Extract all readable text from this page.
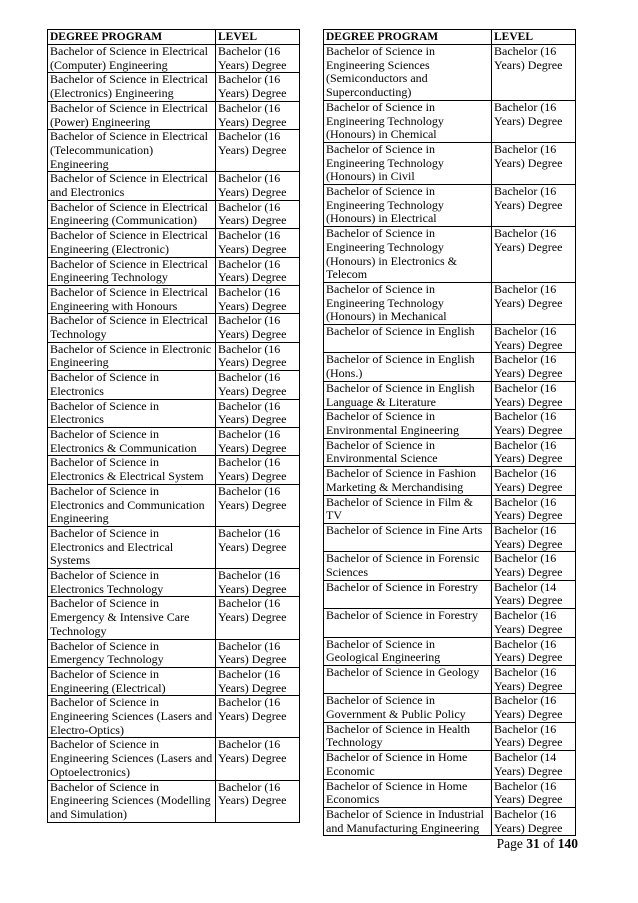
DEGREE PROGRAM	LEVEL
Bachelor of Science in Electrical (Computer) Engineering	Bachelor (16 Years) Degree
Bachelor of Science in Electrical (Electronics) Engineering	Bachelor (16 Years) Degree
Bachelor of Science in Electrical (Power) Engineering	Bachelor (16 Years) Degree
Bachelor of Science in Electrical (Telecommunication) Engineering	Bachelor (16 Years) Degree
Bachelor of Science in Electrical and Electronics	Bachelor (16 Years) Degree
Bachelor of Science in Electrical Engineering (Communication)	Bachelor (16 Years) Degree
Bachelor of Science in Electrical Engineering (Electronic)	Bachelor (16 Years) Degree
Bachelor of Science in Electrical Engineering Technology	Bachelor (16 Years) Degree
Bachelor of Science in Electrical Engineering with Honours	Bachelor (16 Years) Degree
Bachelor of Science in Electrical Technology	Bachelor (16 Years) Degree
Bachelor of Science in Electronic Engineering	Bachelor (16 Years) Degree
Bachelor of Science in Electronics	Bachelor (16 Years) Degree
Bachelor of Science in Electronics	Bachelor (16 Years) Degree
Bachelor of Science in Electronics & Communication	Bachelor (16 Years) Degree
Bachelor of Science in Electronics & Electrical System	Bachelor (16 Years) Degree
Bachelor of Science in Electronics and Communication Engineering	Bachelor (16 Years) Degree
Bachelor of Science in Electronics and Electrical Systems	Bachelor (16 Years) Degree
Bachelor of Science in Electronics Technology	Bachelor (16 Years) Degree
Bachelor of Science in Emergency & Intensive Care Technology	Bachelor (16 Years) Degree
Bachelor of Science in Emergency Technology	Bachelor (16 Years) Degree
Bachelor of Science in Engineering (Electrical)	Bachelor (16 Years) Degree
Bachelor of Science in Engineering Sciences (Lasers and Electro-Optics)	Bachelor (16 Years) Degree
Bachelor of Science in Engineering Sciences (Lasers and Optoelectronics)	Bachelor (16 Years) Degree
Bachelor of Science in Engineering Sciences (Modelling and Simulation)	Bachelor (16 Years) Degree
DEGREE PROGRAM	LEVEL
Bachelor of Science in Engineering Sciences (Semiconductors and Superconducting)	Bachelor (16 Years) Degree
Bachelor of Science in Engineering Technology (Honours) in Chemical	Bachelor (16 Years) Degree
Bachelor of Science in Engineering Technology (Honours) in Civil	Bachelor (16 Years) Degree
Bachelor of Science in Engineering Technology (Honours) in Electrical	Bachelor (16 Years) Degree
Bachelor of Science in Engineering Technology (Honours) in Electronics & Telecom	Bachelor (16 Years) Degree
Bachelor of Science in Engineering Technology (Honours) in Mechanical	Bachelor (16 Years) Degree
Bachelor of Science in English	Bachelor (16 Years) Degree
Bachelor of Science in English (Hons.)	Bachelor (16 Years) Degree
Bachelor of Science in English Language & Literature	Bachelor (16 Years) Degree
Bachelor of Science in Environmental Engineering	Bachelor (16 Years) Degree
Bachelor of Science in Environmental Science	Bachelor (16 Years) Degree
Bachelor of Science in Fashion Marketing & Merchandising	Bachelor (16 Years) Degree
Bachelor of Science in Film & TV	Bachelor (16 Years) Degree
Bachelor of Science in Fine Arts	Bachelor (16 Years) Degree
Bachelor of Science in Forensic Sciences	Bachelor (16 Years) Degree
Bachelor of Science in Forestry	Bachelor (14 Years) Degree
Bachelor of Science in Forestry	Bachelor (16 Years) Degree
Bachelor of Science in Geological Engineering	Bachelor (16 Years) Degree
Bachelor of Science in Geology	Bachelor (16 Years) Degree
Bachelor of Science in Government & Public Policy	Bachelor (16 Years) Degree
Bachelor of Science in Health Technology	Bachelor (16 Years) Degree
Bachelor of Science in Home Economic	Bachelor (14 Years) Degree
Bachelor of Science in Home Economics	Bachelor (16 Years) Degree
Bachelor of Science in Industrial and Manufacturing Engineering	Bachelor (16 Years) Degree
Page 31 of 140
